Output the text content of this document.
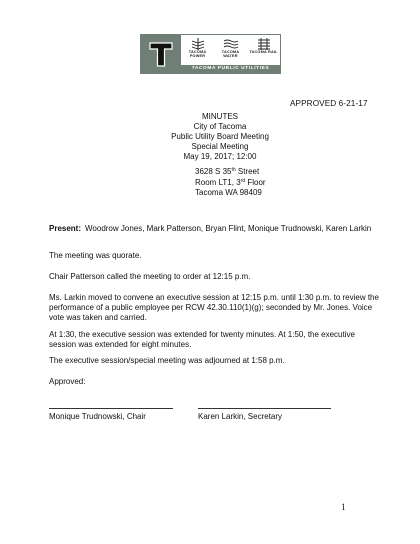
TACOMA POWER
TACOMA WATER
TACOMA RAIL
TACOMA PUBLIC UTILITIES
APPROVED 6-21-17
MINUTES
City of Tacoma
Public Utility Board Meeting
Special Meeting
May 19, 2017; 12:00
3628 S 35th Street
Room LT1, 3rd Floor
Tacoma WA 98409
Present: Woodrow Jones, Mark Patterson, Bryan Flint, Monique Trudnowski, Karen Larkin
The meeting was quorate.
Chair Patterson called the meeting to order at 12:15 p.m.
Ms. Larkin moved to convene an executive session at 12:15 p.m. until 1:30 p.m. to review the performance of a public employee per RCW 42.30.110(1)(g); seconded by Mr. Jones. Voice vote was taken and carried.
At 1:30, the executive session was extended for twenty minutes. At 1:50, the executive session was extended for eight minutes.
The executive session/special meeting was adjourned at 1:58 p.m.
Approved:
Monique Trudnowski, Chair	Karen Larkin, Secretary
1
